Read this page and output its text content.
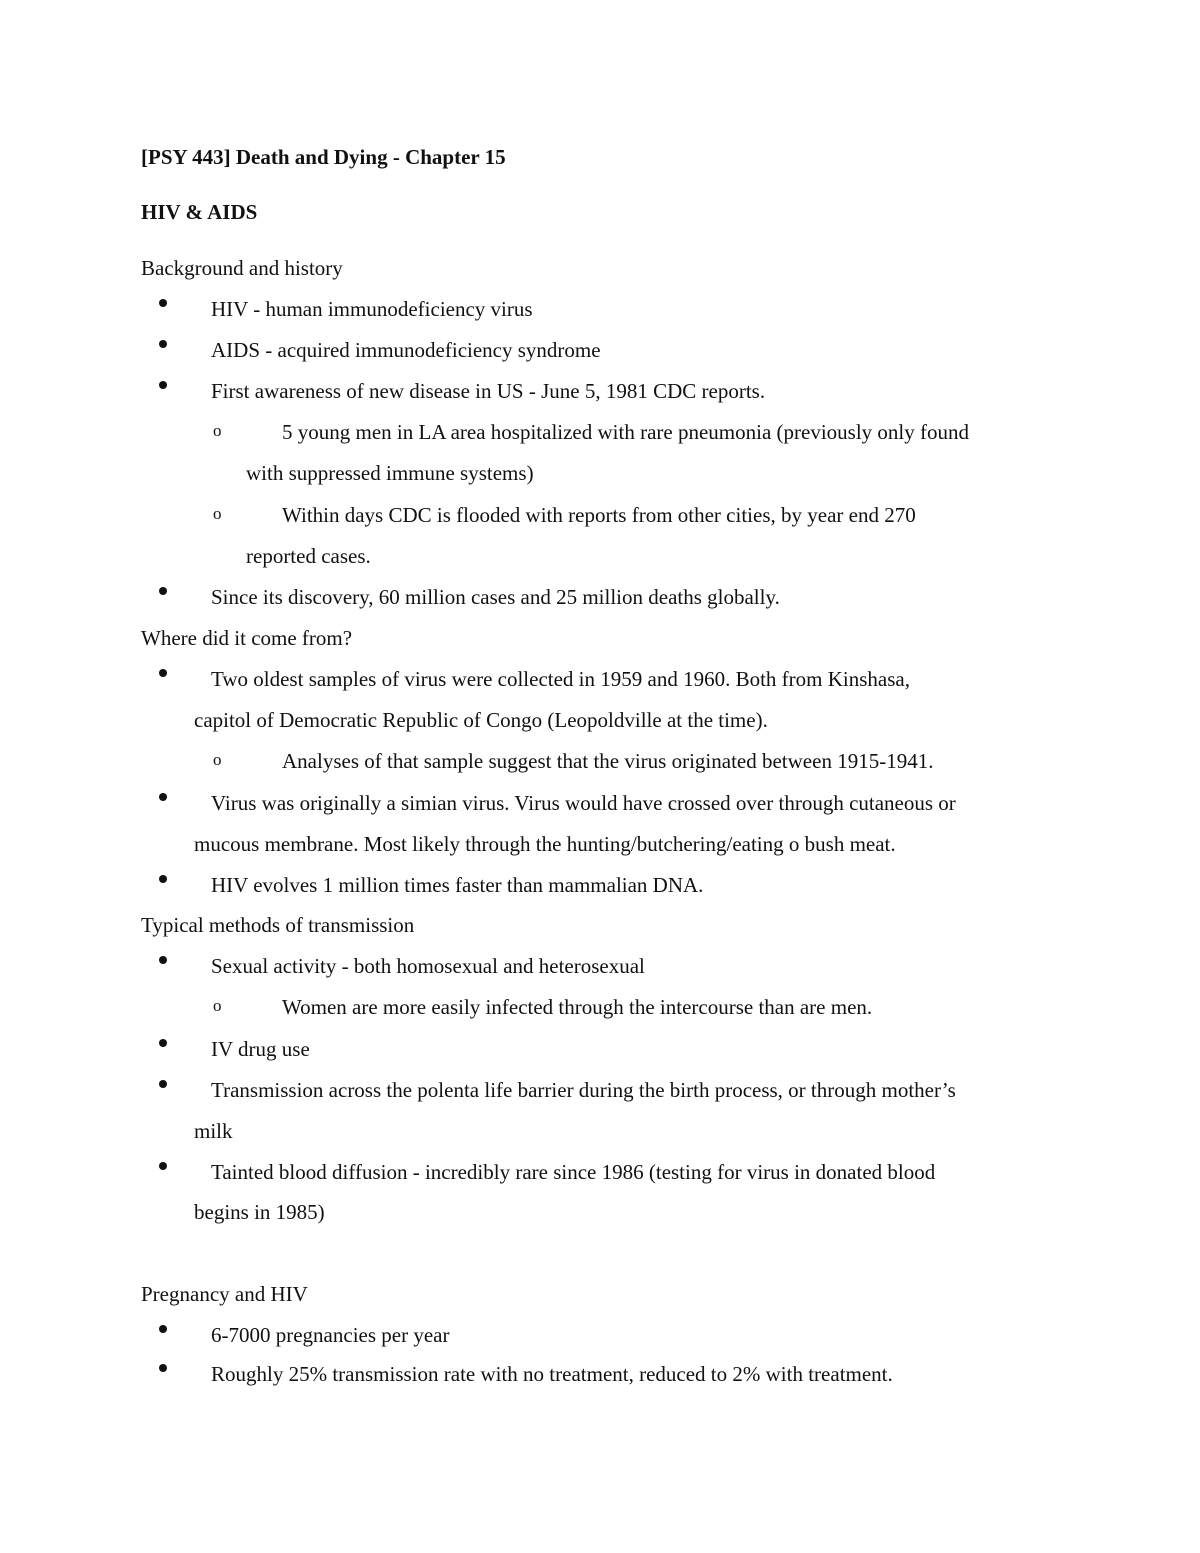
[PSY 443] Death and Dying - Chapter 15
HIV & AIDS
Background and history
HIV - human immunodeficiency virus
AIDS - acquired immunodeficiency syndrome
First awareness of new disease in US - June 5, 1981 CDC reports.
o	5 young men in LA area hospitalized with rare pneumonia (previously only found
with suppressed immune systems)
o	Within days CDC is flooded with reports from other cities, by year end 270
reported cases.
Since its discovery, 60 million cases and 25 million deaths globally.
Where did it come from?
Two oldest samples of virus were collected in 1959 and 1960. Both from Kinshasa,
capitol of Democratic Republic of Congo (Leopoldville at the time).
o	Analyses of that sample suggest that the virus originated between 1915-1941.
Virus was originally a simian virus. Virus would have crossed over through cutaneous or
mucous membrane. Most likely through the hunting/butchering/eating o bush meat.
HIV evolves 1 million times faster than mammalian DNA.
Typical methods of transmission
Sexual activity - both homosexual and heterosexual
o	Women are more easily infected through the intercourse than are men.
IV drug use
Transmission across the polenta life barrier during the birth process, or through mother’s
milk
Tainted blood diffusion - incredibly rare since 1986 (testing for virus in donated blood
begins in 1985)
Pregnancy and HIV
6-7000 pregnancies per year
Roughly 25% transmission rate with no treatment, reduced to 2% with treatment.
